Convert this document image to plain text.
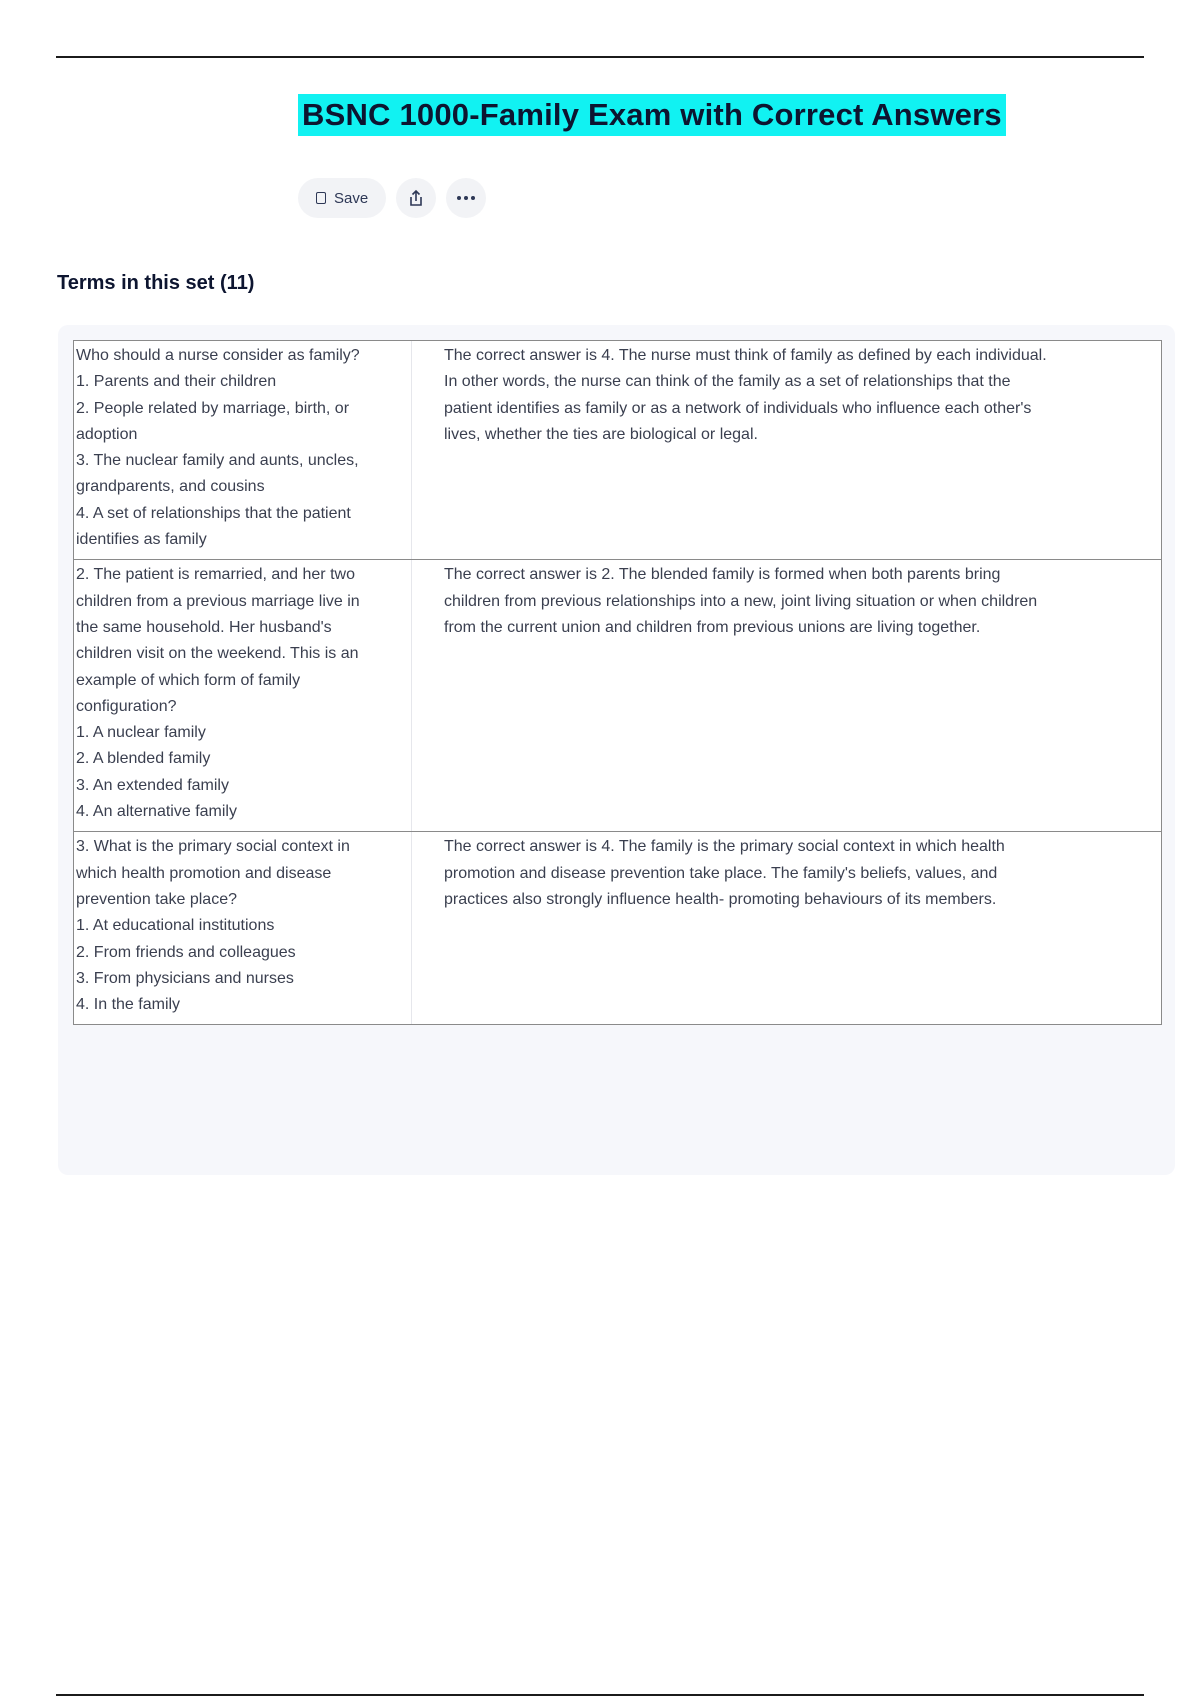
BSNC 1000-Family Exam with Correct Answers
Save
Terms in this set (11)
Who should a nurse consider as family?
1. Parents and their children
2. People related by marriage, birth, or
adoption
3. The nuclear family and aunts, uncles,
grandparents, and cousins
4. A set of relationships that the patient
identifies as family
The correct answer is 4. The nurse must think of family as defined by each individual.
In other words, the nurse can think of the family as a set of relationships that the
patient identifies as family or as a network of individuals who influence each other's
lives, whether the ties are biological or legal.
2. The patient is remarried, and her two
children from a previous marriage live in
the same household. Her husband's
children visit on the weekend. This is an
example of which form of family
configuration?
1. A nuclear family
2. A blended family
3. An extended family
4. An alternative family
The correct answer is 2. The blended family is formed when both parents bring
children from previous relationships into a new, joint living situation or when children
from the current union and children from previous unions are living together.
3. What is the primary social context in
which health promotion and disease
prevention take place?
1. At educational institutions
2. From friends and colleagues
3. From physicians and nurses
4. In the family
The correct answer is 4. The family is the primary social context in which health
promotion and disease prevention take place. The family's beliefs, values, and
practices also strongly influence health- promoting behaviours of its members.
